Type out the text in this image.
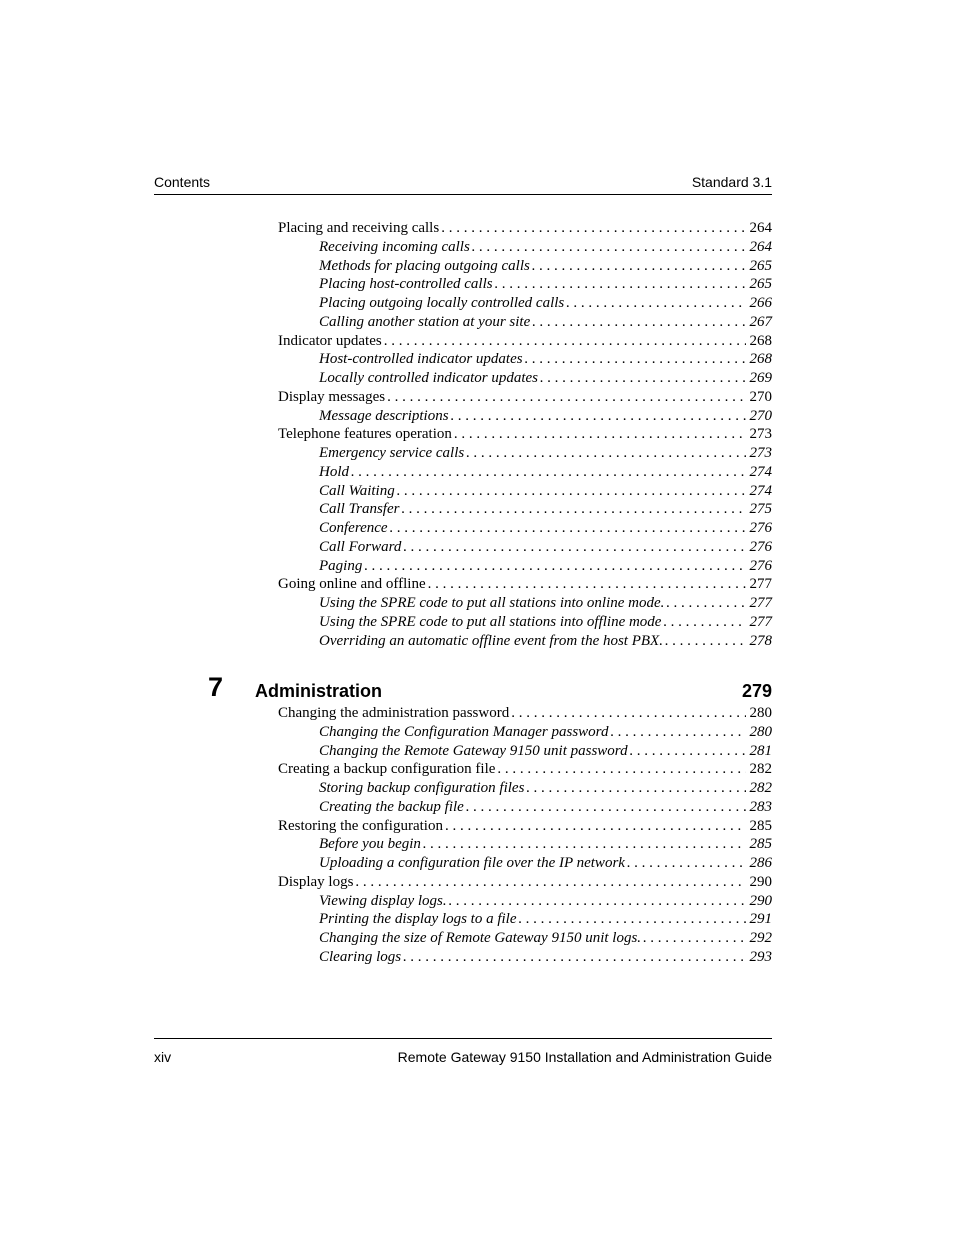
Contents	Standard 3.1
Placing and receiving calls . . .	264
Receiving incoming calls . . .	264
Methods for placing outgoing calls . . .	265
Placing host-controlled calls . . .	265
Placing outgoing locally controlled calls . . .	266
Calling another station at your site . . .	267
Indicator updates . . .	268
Host-controlled indicator updates . . .	268
Locally controlled indicator updates . . .	269
Display messages . . .	270
Message descriptions . . .	270
Telephone features operation . . .	273
Emergency service calls . . .	273
Hold . . .	274
Call Waiting . . .	274
Call Transfer . . .	275
Conference . . .	276
Call Forward . . .	276
Paging . . .	276
Going online and offline . . .	277
Using the SPRE code to put all stations into online mode. . . .	277
Using the SPRE code to put all stations into offline mode . . .	277
Overriding an automatic offline event from the host PBX. . . .	278
7 Administration	279
Changing the administration password . . .	280
Changing the Configuration Manager password . . .	280
Changing the Remote Gateway 9150 unit password . . .	281
Creating a backup configuration file . . .	282
Storing backup configuration files . . .	282
Creating the backup file . . .	283
Restoring the configuration . . .	285
Before you begin . . .	285
Uploading a configuration file over the IP network . . .	286
Display logs . . .	290
Viewing display logs. . . .	290
Printing the display logs to a file . . .	291
Changing the size of Remote Gateway 9150 unit logs. . . .	292
Clearing logs . . .	293
xiv	Remote Gateway 9150 Installation and Administration Guide
